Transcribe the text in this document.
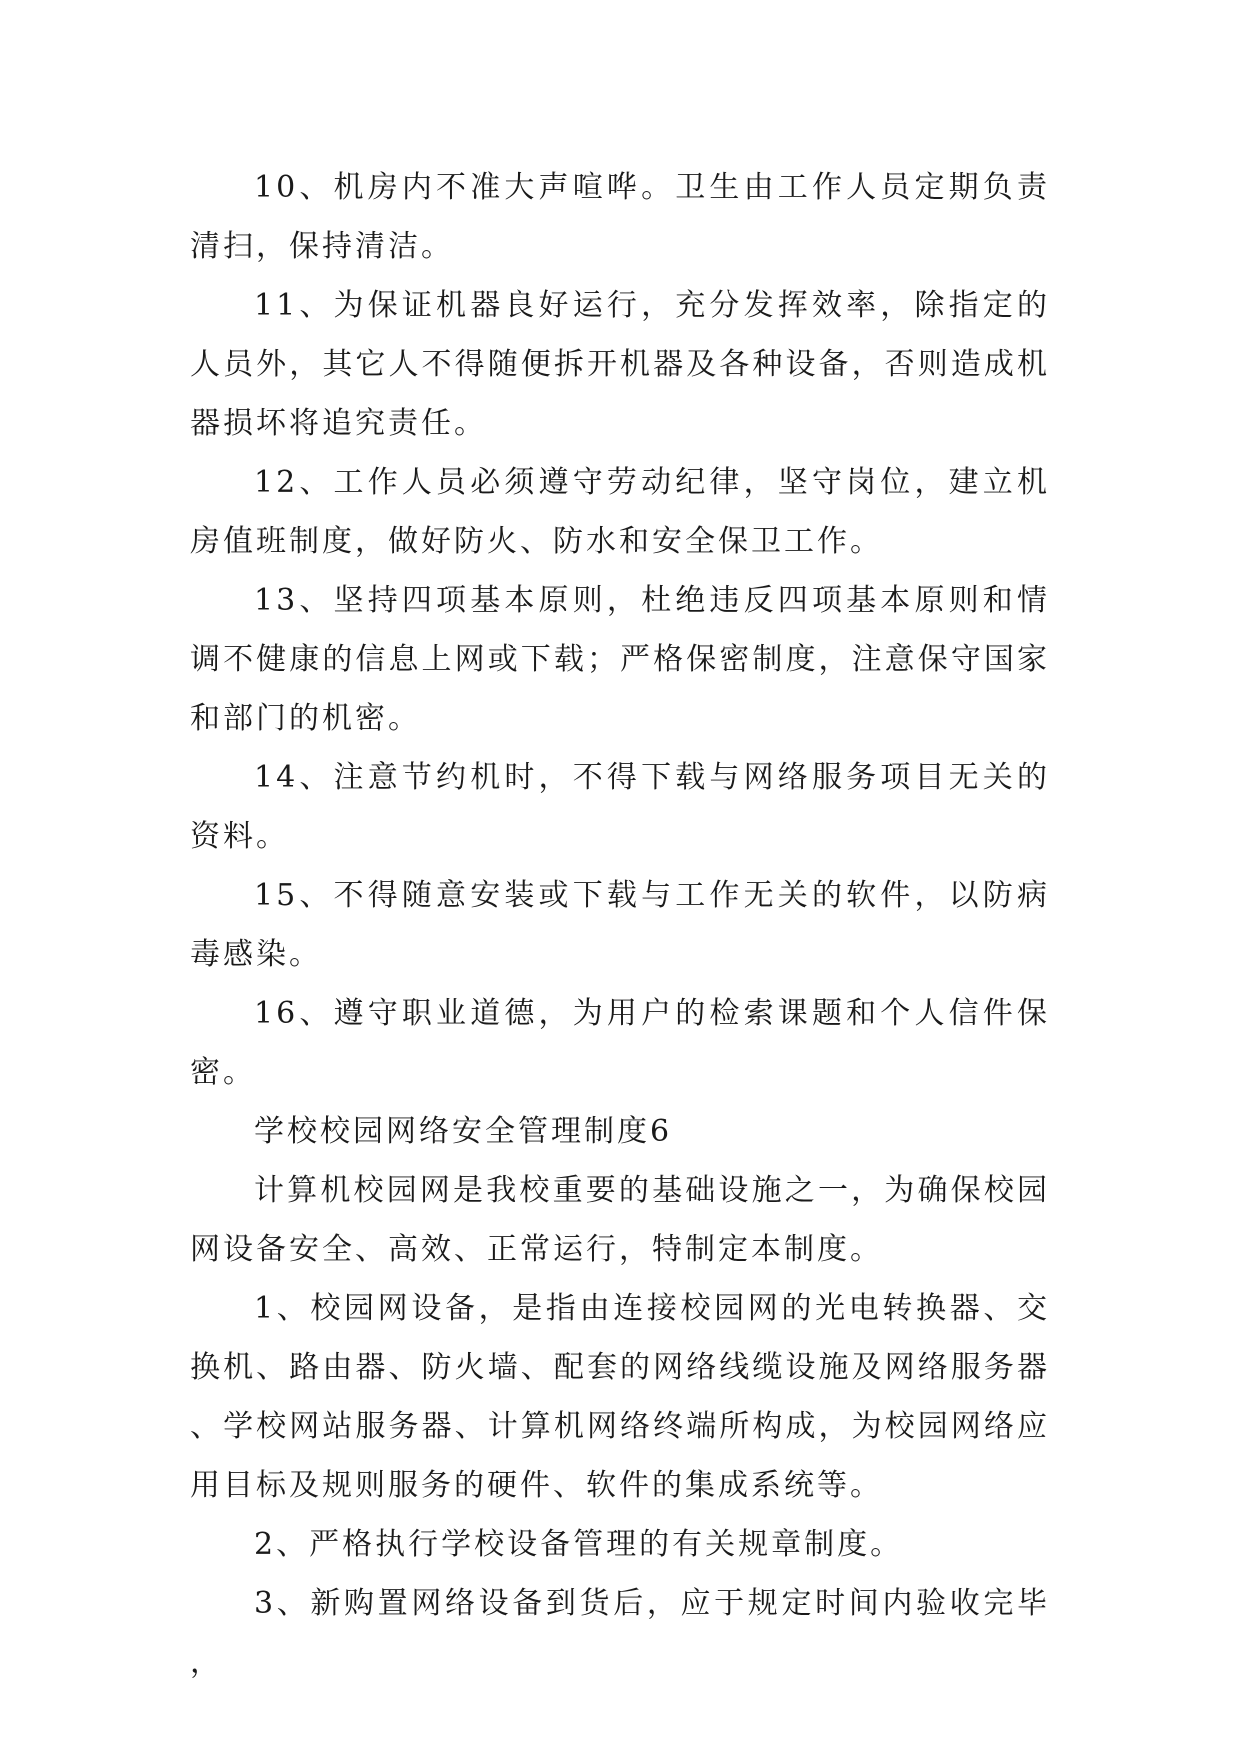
10、机房内不准大声喧哗。卫生由工作人员定期负责清扫，保持清洁。

11、为保证机器良好运行，充分发挥效率，除指定的人员外，其它人不得随便拆开机器及各种设备，否则造成机器损坏将追究责任。

12、工作人员必须遵守劳动纪律，坚守岗位，建立机房值班制度，做好防火、防水和安全保卫工作。

13、坚持四项基本原则，杜绝违反四项基本原则和情调不健康的信息上网或下载；严格保密制度，注意保守国家和部门的机密。

14、注意节约机时，不得下载与网络服务项目无关的资料。

15、不得随意安装或下载与工作无关的软件，以防病毒感染。

16、遵守职业道德，为用户的检索课题和个人信件保密。

学校校园网络安全管理制度6

计算机校园网是我校重要的基础设施之一，为确保校园网设备安全、高效、正常运行，特制定本制度。

1、校园网设备，是指由连接校园网的光电转换器、交换机、路由器、防火墙、配套的网络线缆设施及网络服务器、学校网站服务器、计算机网络终端所构成，为校园网络应用目标及规则服务的硬件、软件的集成系统等。

2、严格执行学校设备管理的有关规章制度。

3、新购置网络设备到货后，应于规定时间内验收完毕，
